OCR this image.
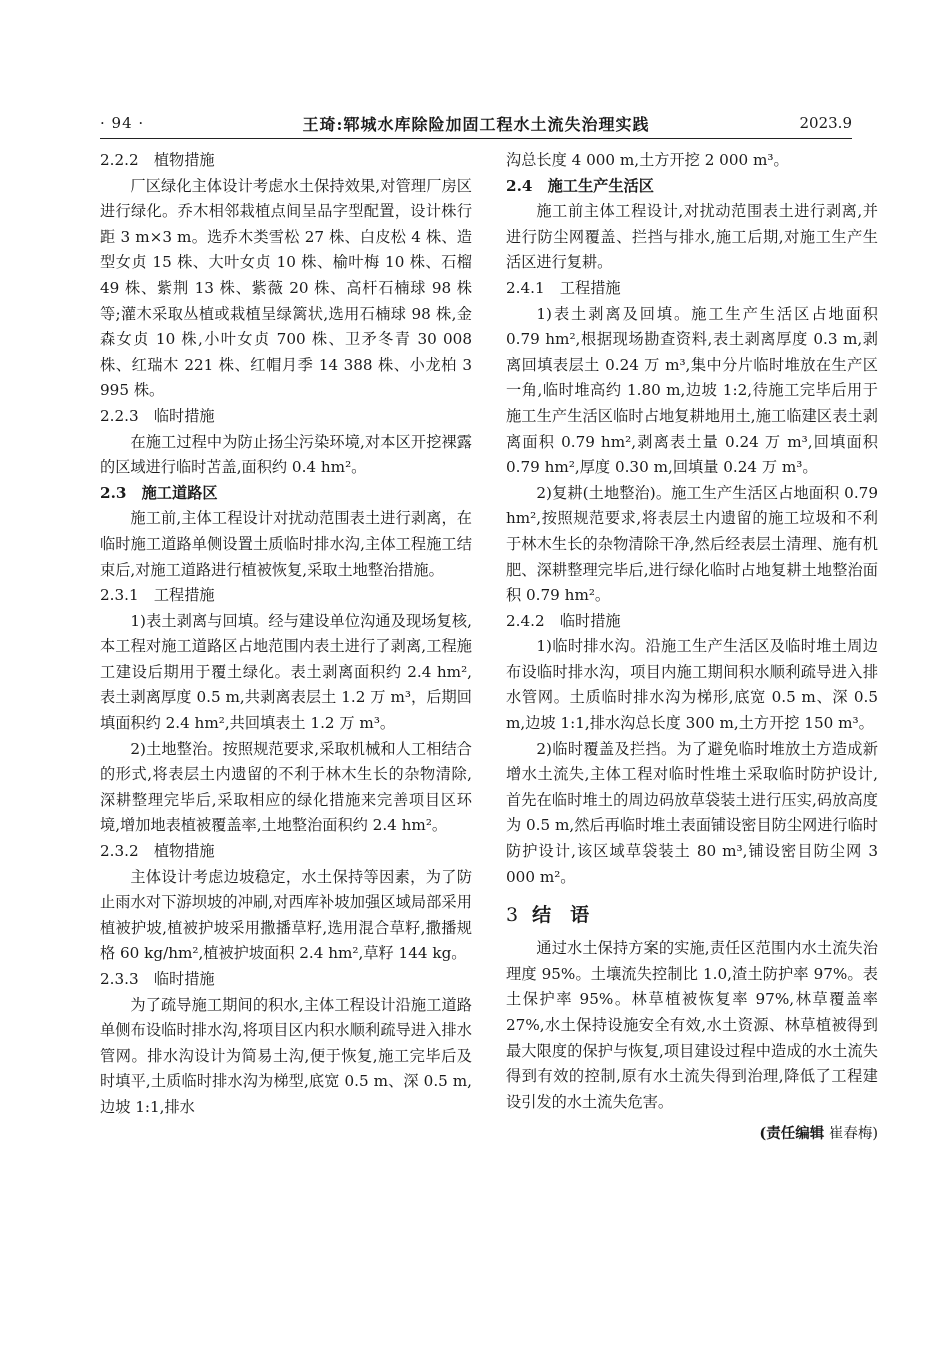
· 94 ·	王琦:郓城水库除险加固工程水土流失治理实践	2023.9
2.2.2　植物措施
厂区绿化主体设计考虑水土保持效果,对管理厂房区进行绿化。乔木相邻栽植点间呈品字型配置，设计株行距 3 m×3 m。选乔木类雪松 27 株、白皮松 4 株、造型女贞 15 株、大叶女贞 10 株、榆叶梅 10 株、石榴 49 株、紫荆 13 株、紫薇 20 株、高杆石楠球 98 株等;灌木采取丛植或栽植呈绿篱状,选用石楠球 98 株,金森女贞 10 株,小叶女贞 700 株、卫矛冬青 30 008 株、红瑞木 221 株、红帽月季 14 388 株、小龙柏 3 995 株。
2.2.3　临时措施
在施工过程中为防止扬尘污染环境,对本区开挖裸露的区域进行临时苫盖,面积约 0.4 hm²。
2.3　施工道路区
施工前,主体工程设计对扰动范围表土进行剥离，在临时施工道路单侧设置土质临时排水沟,主体工程施工结束后,对施工道路进行植被恢复,采取土地整治措施。
2.3.1　工程措施
1)表土剥离与回填。经与建设单位沟通及现场复核,本工程对施工道路区占地范围内表土进行了剥离,工程施工建设后期用于覆土绿化。表土剥离面积约 2.4 hm²,表土剥离厚度 0.5 m,共剥离表层土 1.2 万 m³，后期回填面积约 2.4 hm²,共回填表土 1.2 万 m³。
2)土地整治。按照规范要求,采取机械和人工相结合的形式,将表层土内遗留的不利于林木生长的杂物清除,深耕整理完毕后,采取相应的绿化措施来完善项目区环境,增加地表植被覆盖率,土地整治面积约 2.4 hm²。
2.3.2　植物措施
主体设计考虑边坡稳定，水土保持等因素，为了防止雨水对下游坝坡的冲刷,对西库补坡加强区域局部采用植被护坡,植被护坡采用撒播草籽,选用混合草籽,撒播规格 60 kg/hm²,植被护坡面积 2.4 hm²,草籽 144 kg。
2.3.3　临时措施
为了疏导施工期间的积水,主体工程设计沿施工道路单侧布设临时排水沟,将项目区内积水顺利疏导进入排水管网。排水沟设计为简易土沟,便于恢复,施工完毕后及时填平,土质临时排水沟为梯型,底宽 0.5 m、深 0.5 m,边坡 1:1,排水
沟总长度 4 000 m,土方开挖 2 000 m³。
2.4　施工生产生活区
施工前主体工程设计,对扰动范围表土进行剥离,并进行防尘网覆盖、拦挡与排水,施工后期,对施工生产生活区进行复耕。
2.4.1　工程措施
1)表土剥离及回填。施工生产生活区占地面积 0.79 hm²,根据现场勘查资料,表土剥离厚度 0.3 m,剥离回填表层土 0.24 万 m³,集中分片临时堆放在生产区一角,临时堆高约 1.80 m,边坡 1:2,待施工完毕后用于施工生产生活区临时占地复耕地用土,施工临建区表土剥离面积 0.79 hm²,剥离表土量 0.24 万 m³,回填面积 0.79 hm²,厚度 0.30 m,回填量 0.24 万 m³。
2)复耕(土地整治)。施工生产生活区占地面积 0.79 hm²,按照规范要求,将表层土内遗留的施工垃圾和不利于林木生长的杂物清除干净,然后经表层土清理、施有机肥、深耕整理完毕后,进行绿化临时占地复耕土地整治面积 0.79 hm²。
2.4.2　临时措施
1)临时排水沟。沿施工生产生活区及临时堆土周边布设临时排水沟，项目内施工期间积水顺利疏导进入排水管网。土质临时排水沟为梯形,底宽 0.5 m、深 0.5 m,边坡 1:1,排水沟总长度 300 m,土方开挖 150 m³。
2)临时覆盖及拦挡。为了避免临时堆放土方造成新增水土流失,主体工程对临时性堆土采取临时防护设计,首先在临时堆土的周边码放草袋装土进行压实,码放高度为 0.5 m,然后再临时堆土表面铺设密目防尘网进行临时防护设计,该区域草袋装土 80 m³,铺设密目防尘网 3 000 m²。
3 结　语
通过水土保持方案的实施,责任区范围内水土流失治理度 95%。土壤流失控制比 1.0,渣土防护率 97%。表土保护率 95%。林草植被恢复率 97%,林草覆盖率 27%,水土保持设施安全有效,水土资源、林草植被得到最大限度的保护与恢复,项目建设过程中造成的水土流失得到有效的控制,原有水土流失得到治理,降低了工程建设引发的水土流失危害。
(责任编辑 崔春梅)
